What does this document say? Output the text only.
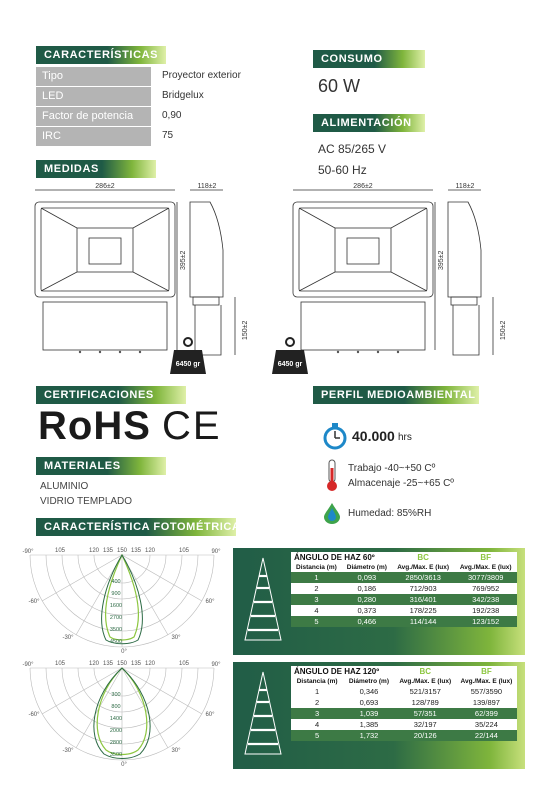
CARACTERÍSTICAS
Tipo	Proyector exterior
LED	Bridgelux
Factor de potencia	0,90
IRC	75
CONSUMO
60 W
ALIMENTACIÓN
AC 85/265 V
50-60 Hz
MEDIDAS
286±2	118±2
395±2
150±2
6450 gr
286±2	118±2
395±2
150±2
6450 gr
CERTIFICACIONES
RoHS CE
PERFIL MEDIOAMBIENTAL
40.000 hrs
Trabajo -40~+50 Cº
Almacenaje -25~+65 Cº
Humedad: 85%RH
MATERIALES
ALUMINIO
VIDRIO TEMPLADO
CARACTERÍSTICA FOTOMÉTRICA
-90°	90°
-60°	60°
-30°	30°
0°
105	120 135 150 135 120	105
400
900
1600
2700
3500
4500
-90°	90°
-60°	60°
-30°	30°
0°
105	120 135 150 135 120	105
300
800
1400
2000
2800
3500
ÁNGULO DE HAZ 60º		BC	BF
Distancia (m)	Diámetro (m)	Avg./Max. E (lux)	Avg./Max. E (lux)
1	0,093	2850/3613	3077/3809
2	0,186	712/903	769/952
3	0,280	316/401	342/238
4	0,373	178/225	192/238
5	0,466	114/144	123/152
ÁNGULO DE HAZ 120º		BC	BF
Distancia (m)	Diámetro (m)	Avg./Max. E (lux)	Avg./Max. E (lux)
1	0,346	521/3157	557/3590
2	0,693	128/789	139/897
3	1,039	57/351	62/399
4	1,385	32/197	35/224
5	1,732	20/126	22/144
